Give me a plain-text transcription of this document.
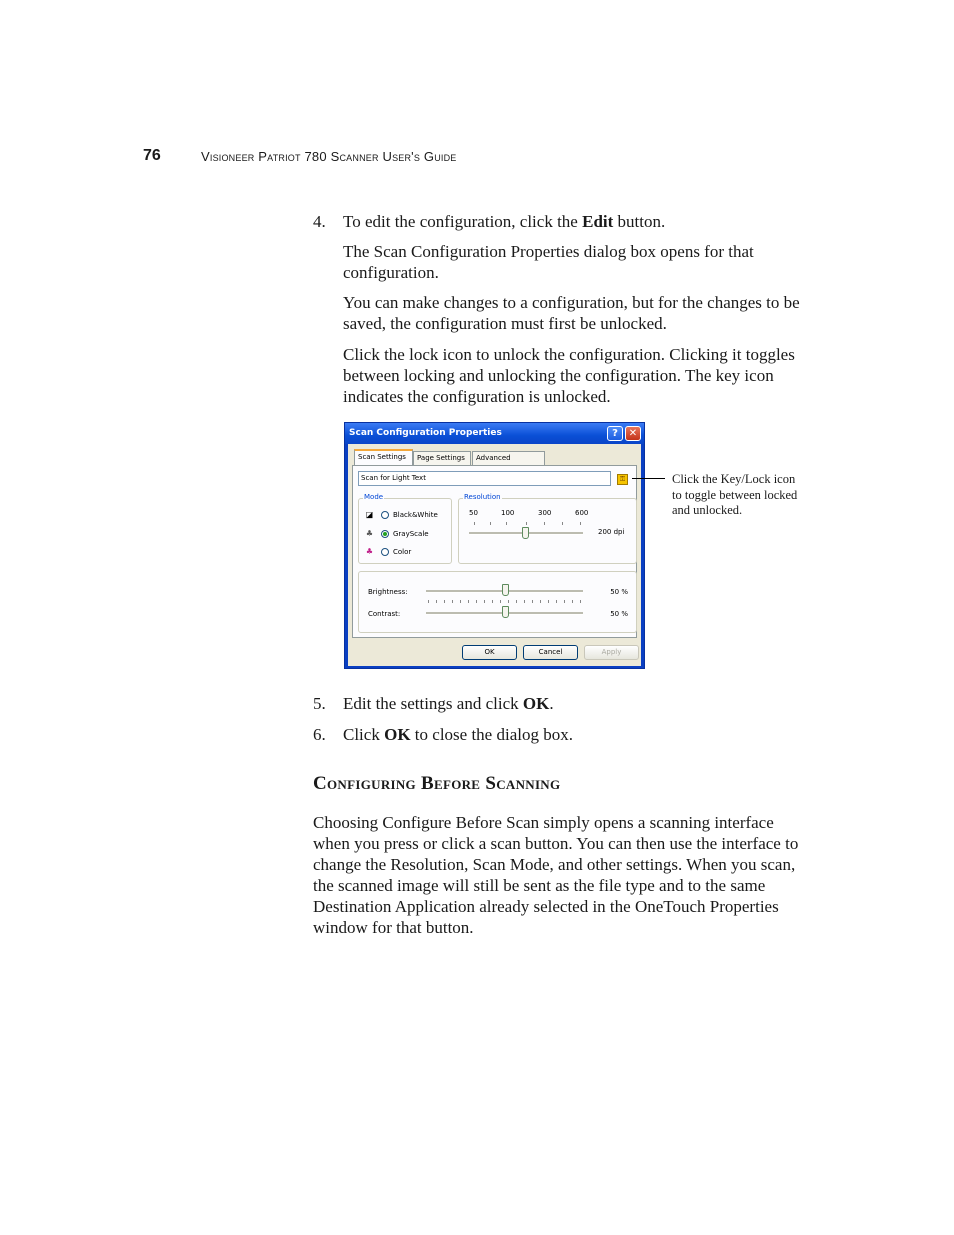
76	Visioneer Patriot 780 Scanner User's Guide
4. To edit the configuration, click the Edit button.
The Scan Configuration Properties dialog box opens for that configuration.
You can make changes to a configuration, but for the changes to be saved, the configuration must first be unlocked.
Click the lock icon to unlock the configuration. Clicking it toggles between locking and unlocking the configuration. The key icon indicates the configuration is unlocked.
Scan Configuration Properties	?	✕
Scan Settings	Page Settings	Advanced
Scan for Light Text	⚿
Mode
◪	Black&White
♣	GrayScale
♣	Color
Resolution
50	100	300	600
200 dpi
Brightness:	50 %
Contrast:	50 %
OK	Cancel	Apply
Click the Key/Lock icon to toggle between locked and unlocked.
5. Edit the settings and click OK.
6. Click OK to close the dialog box.
Configuring Before Scanning
Choosing Configure Before Scan simply opens a scanning interface when you press or click a scan button. You can then use the interface to change the Resolution, Scan Mode, and other settings. When you scan, the scanned image will still be sent as the file type and to the same Destination Application already selected in the OneTouch Properties window for that button.
